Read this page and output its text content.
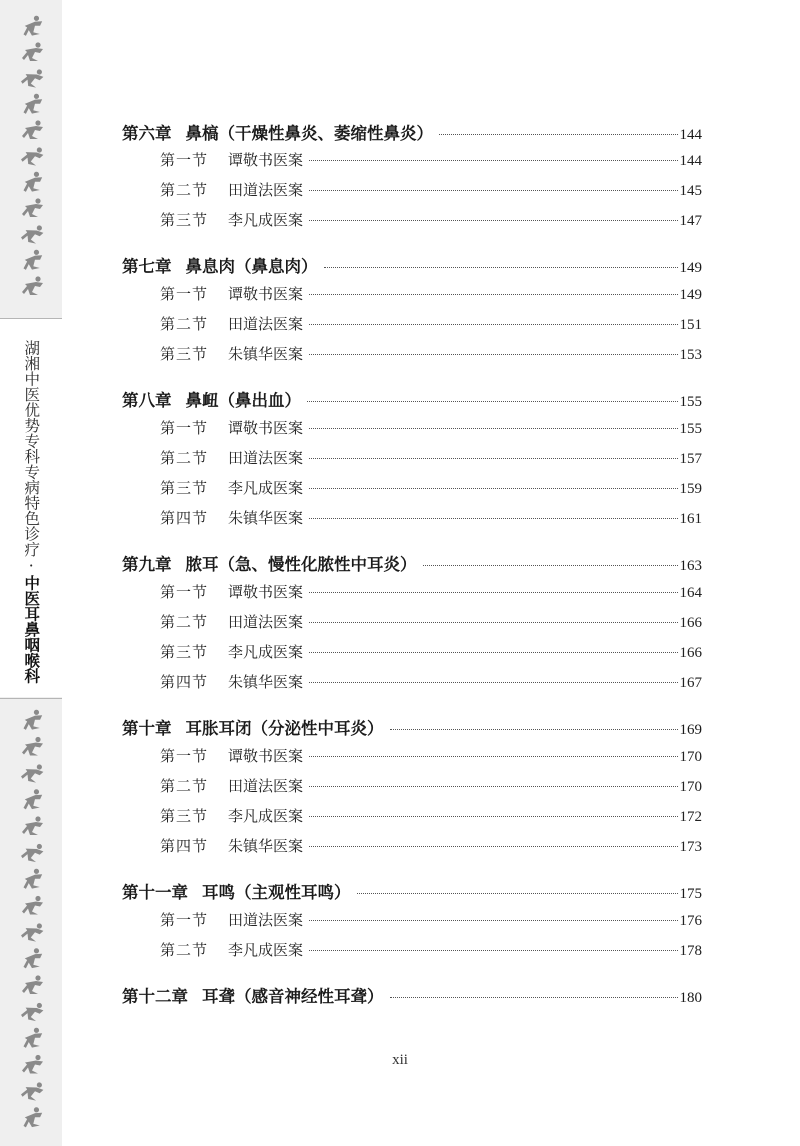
湖湘中医优势专科专病特色诊疗·中医耳鼻咽喉科
第六章 鼻槁（干燥性鼻炎、萎缩性鼻炎）	144
第一节 谭敬书医案	144
第二节 田道法医案	145
第三节 李凡成医案	147
第七章 鼻息肉（鼻息肉）	149
第一节 谭敬书医案	149
第二节 田道法医案	151
第三节 朱镇华医案	153
第八章 鼻衄（鼻出血）	155
第一节 谭敬书医案	155
第二节 田道法医案	157
第三节 李凡成医案	159
第四节 朱镇华医案	161
第九章 脓耳（急、慢性化脓性中耳炎）	163
第一节 谭敬书医案	164
第二节 田道法医案	166
第三节 李凡成医案	166
第四节 朱镇华医案	167
第十章 耳胀耳闭（分泌性中耳炎）	169
第一节 谭敬书医案	170
第二节 田道法医案	170
第三节 李凡成医案	172
第四节 朱镇华医案	173
第十一章 耳鸣（主观性耳鸣）	175
第一节 田道法医案	176
第二节 李凡成医案	178
第十二章 耳聋（感音神经性耳聋）	180
xii
